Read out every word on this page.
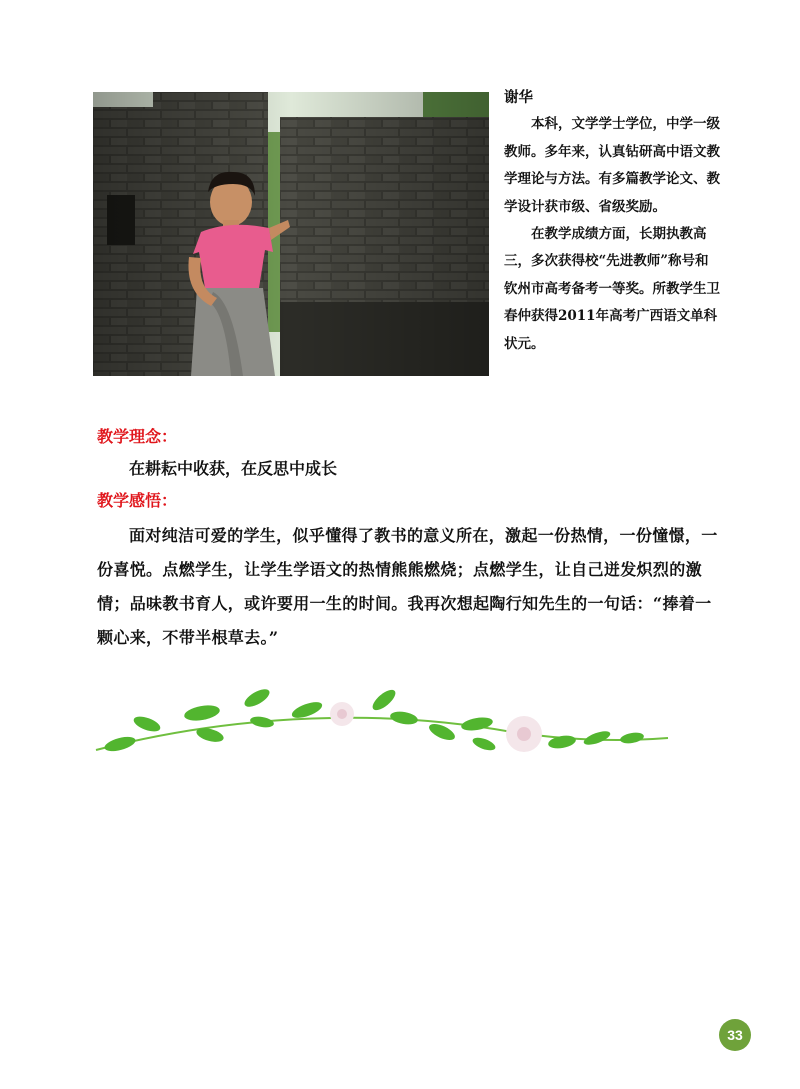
谢华

本科，文学学士学位，中学一级教师。多年来，认真钻研高中语文教学理论与方法。有多篇教学论文、教学设计获市级、省级奖励。

在教学成绩方面，长期执教高三，多次获得校“先进教师”称号和钦州市高考备考一等奖。所教学生卫春仲获得2011年高考广西语文单科状元。

教学理念：
在耕耘中收获，在反思中成长
教学感悟：

面对纯洁可爱的学生，似乎懂得了教书的意义所在，激起一份热情，一份憧憬，一份喜悦。点燃学生，让学生学语文的热情熊熊燃烧；点燃学生，让自己迸发炽烈的激情；品味教书育人，或许要用一生的时间。我再次想起陶行知先生的一句话：“捧着一颗心来，不带半根草去。”

33
